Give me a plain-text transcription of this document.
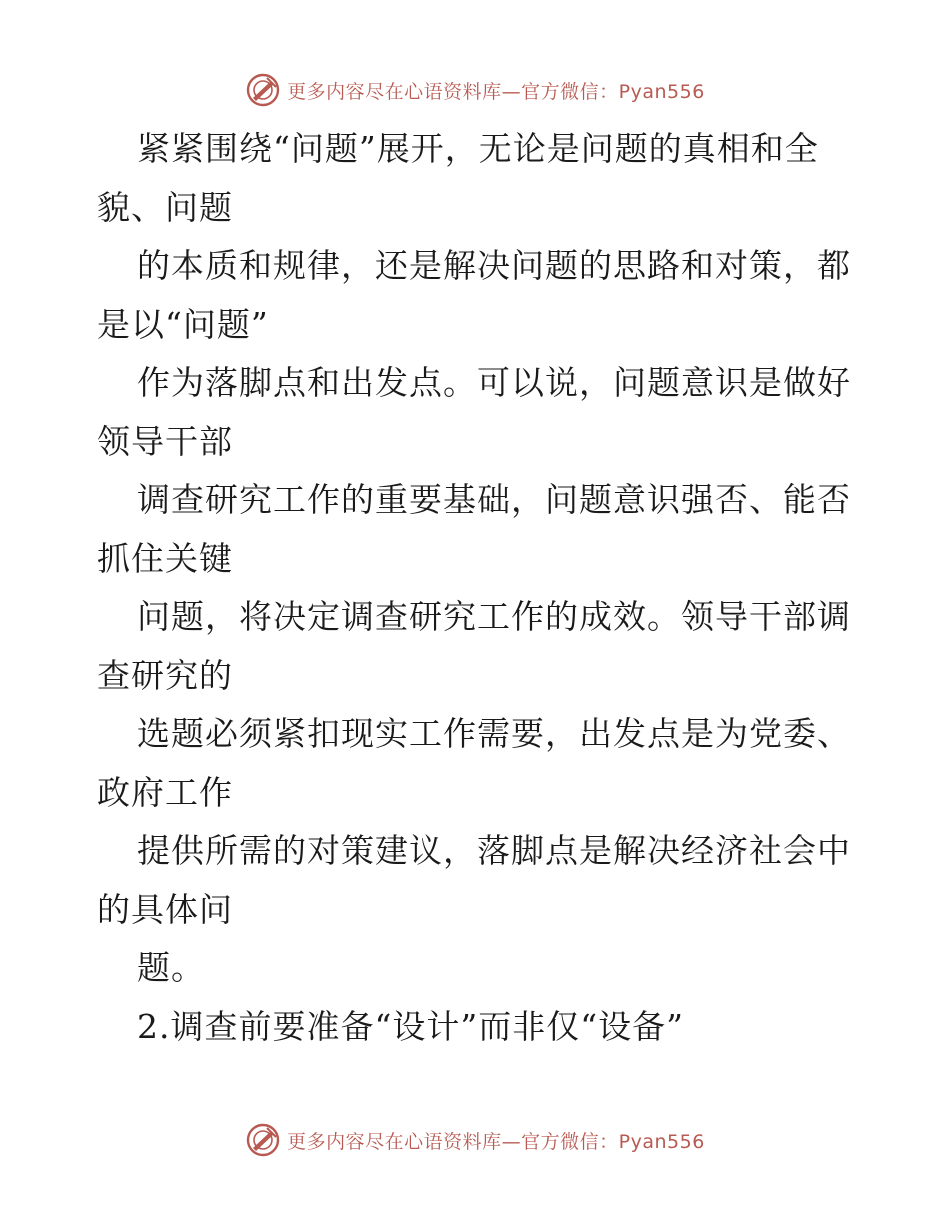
更多内容尽在心语资料库—官方微信：Pyan556
紧紧围绕“问题”展开，无论是问题的真相和全
貌、问题
的本质和规律，还是解决问题的思路和对策，都
是以“问题”
作为落脚点和出发点。可以说，问题意识是做好
领导干部
调查研究工作的重要基础，问题意识强否、能否
抓住关键
问题，将决定调查研究工作的成效。领导干部调
查研究的
选题必须紧扣现实工作需要，出发点是为党委、
政府工作
提供所需的对策建议，落脚点是解决经济社会中
的具体问
题。
2.调查前要准备“设计”而非仅“设备”
更多内容尽在心语资料库—官方微信：Pyan556
